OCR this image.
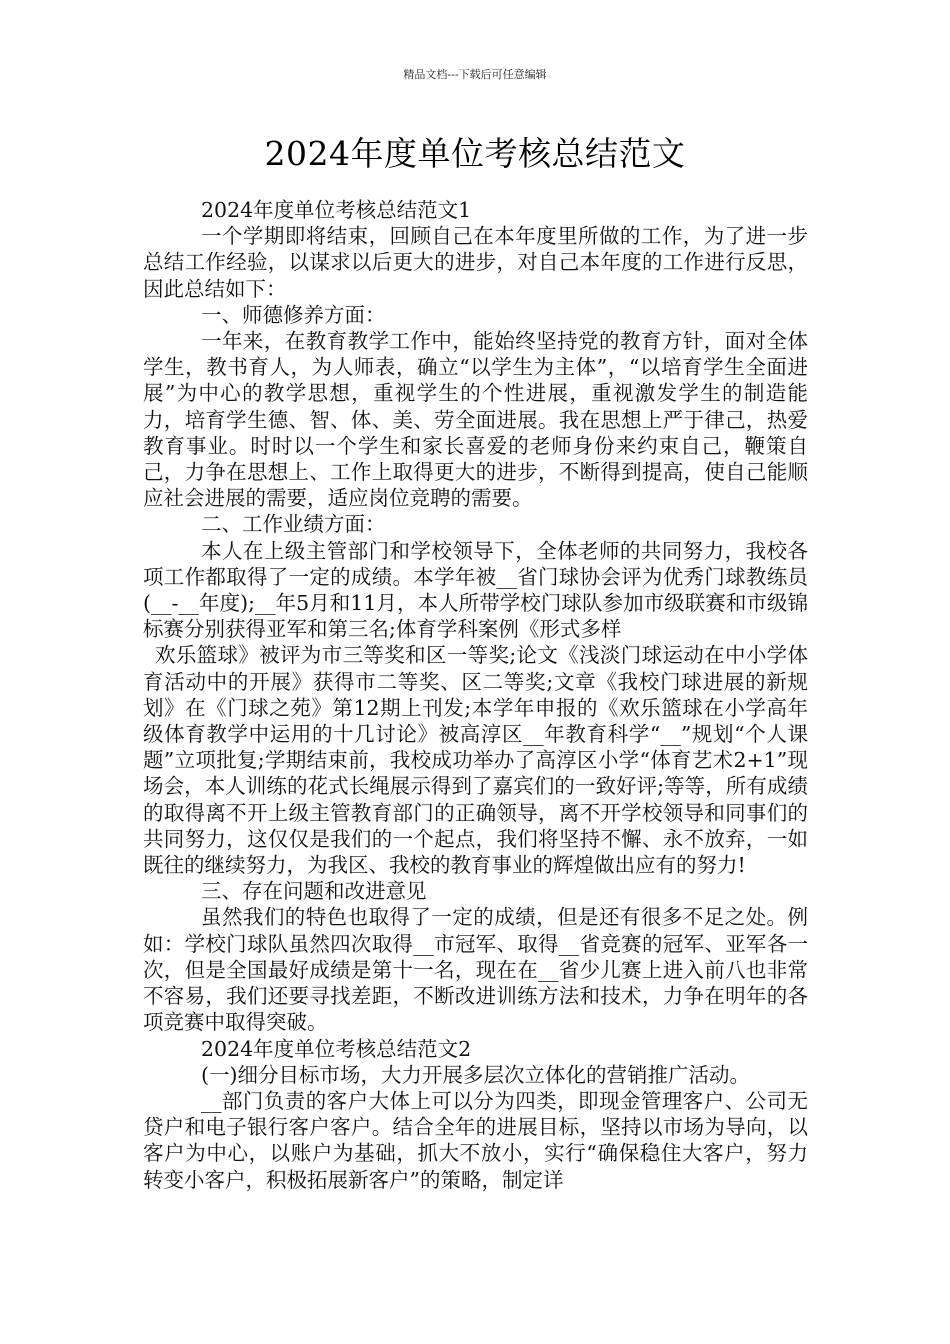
精品文档---下载后可任意编辑
2024年度单位考核总结范文

2024年度单位考核总结范文1

一个学期即将结束，回顾自己在本年度里所做的工作，为了进一步总结工作经验，以谋求以后更大的进步，对自己本年度的工作进行反思，因此总结如下：

一、师德修养方面：

一年来，在教育教学工作中，能始终坚持党的教育方针，面对全体学生，教书育人，为人师表，确立“以学生为主体”，“以培育学生全面进展”为中心的教学思想，重视学生的个性进展，重视激发学生的制造能力，培育学生德、智、体、美、劳全面进展。我在思想上严于律己，热爱教育事业。时时以一个学生和家长喜爱的老师身份来约束自己，鞭策自己，力争在思想上、工作上取得更大的进步，不断得到提高，使自己能顺应社会进展的需要，适应岗位竞聘的需要。

二、工作业绩方面：

本人在上级主管部门和学校领导下，全体老师的共同努力，我校各项工作都取得了一定的成绩。本学年被__省门球协会评为优秀门球教练员(__-__年度);__年5月和11月，本人所带学校门球队参加市级联赛和市级锦标赛分别获得亚军和第三名;体育学科案例《形式多样

欢乐篮球》被评为市三等奖和区一等奖;论文《浅淡门球运动在中小学体育活动中的开展》获得市二等奖、区二等奖;文章《我校门球进展的新规划》在《门球之苑》第12期上刊发;本学年申报的《欢乐篮球在小学高年级体育教学中运用的十几讨论》被高淳区__年教育科学“__”规划“个人课题”立项批复;学期结束前，我校成功举办了高淳区小学“体育艺术2+1”现场会，本人训练的花式长绳展示得到了嘉宾们的一致好评;等等，所有成绩的取得离不开上级主管教育部门的正确领导，离不开学校领导和同事们的共同努力，这仅仅是我们的一个起点，我们将坚持不懈、永不放弃，一如既往的继续努力，为我区、我校的教育事业的辉煌做出应有的努力!

三、存在问题和改进意见

虽然我们的特色也取得了一定的成绩，但是还有很多不足之处。例如：学校门球队虽然四次取得__市冠军、取得__省竞赛的冠军、亚军各一次，但是全国最好成绩是第十一名，现在在__省少儿赛上进入前八也非常不容易，我们还要寻找差距，不断改进训练方法和技术，力争在明年的各项竞赛中取得突破。

2024年度单位考核总结范文2

(一)细分目标市场，大力开展多层次立体化的营销推广活动。

__部门负责的客户大体上可以分为四类，即现金管理客户、公司无贷户和电子银行客户客户。结合全年的进展目标，坚持以市场为导向，以客户为中心，以账户为基础，抓大不放小，实行“确保稳住大客户，努力转变小客户，积极拓展新客户”的策略，制定详
